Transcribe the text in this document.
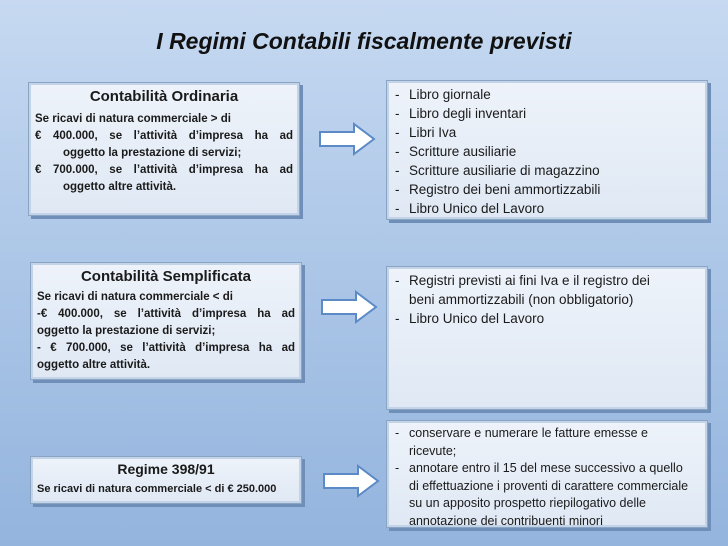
I Regimi Contabili fiscalmente previsti
Contabilità Ordinaria

Se ricavi di natura commerciale > di

€ 400.000, se l’attività d’impresa ha ad

oggetto la prestazione di servizi;

€ 700.000, se l’attività d’impresa ha ad

oggetto altre attività.

- Libro giornale

- Libro degli inventari

- Libri Iva

- Scritture ausiliarie

- Scritture ausiliarie di magazzino

- Registro dei beni ammortizzabili

- Libro Unico del Lavoro

Contabilità Semplificata

Se ricavi di natura commerciale < di

-€ 400.000, se l’attività d’impresa ha ad

oggetto la prestazione di servizi;

- € 700.000, se l’attività d’impresa ha ad

oggetto altre attività.

- Registri previsti ai fini Iva e il registro dei

beni ammortizzabili (non obbligatorio)

- Libro Unico del Lavoro

Regime 398/91

Se ricavi di natura commerciale < di € 250.000

- conservare e numerare le fatture emesse e

ricevute;

- annotare entro il 15 del mese successivo a quello

di effettuazione i proventi di carattere commerciale

su un apposito prospetto riepilogativo delle

annotazione dei contribuenti minori
